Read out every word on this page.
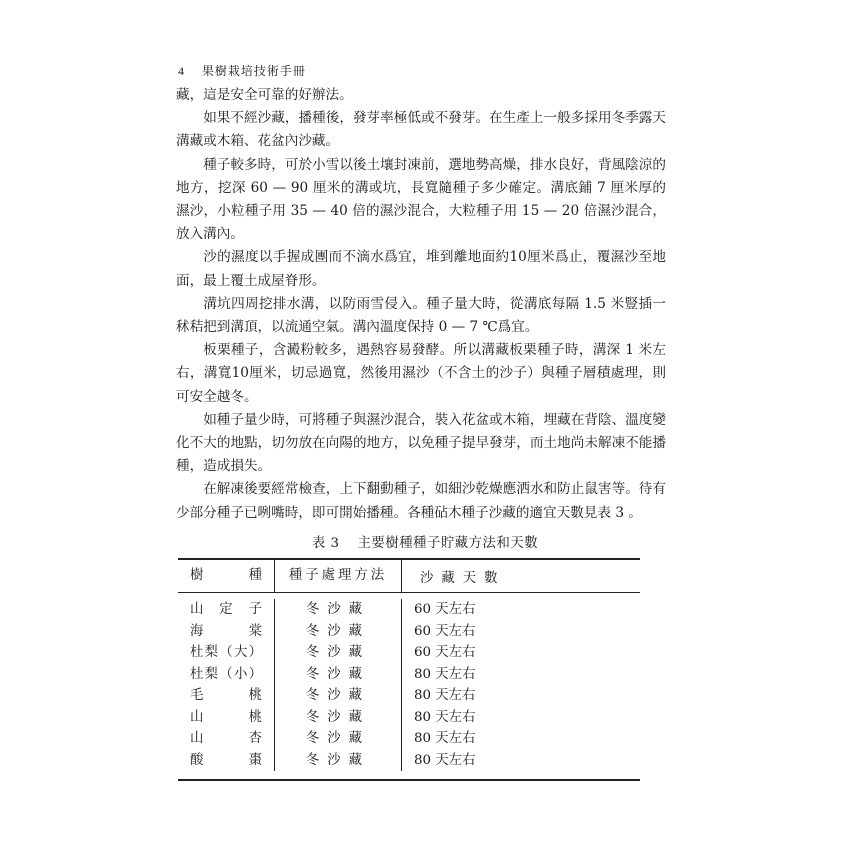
4 果樹栽培技術手冊

藏，這是安全可靠的好辦法。

如果不經沙藏，播種後，發芽率極低或不發芽。在生產上一般多採用冬季露天溝藏或木箱、花盆內沙藏。

種子較多時，可於小雪以後土壤封凍前，選地勢高燥，排水良好，背風陰涼的地方，挖深 60 — 90 厘米的溝或坑，長寬隨種子多少確定。溝底鋪 7 厘米厚的濕沙，小粒種子用 35 — 40 倍的濕沙混合，大粒種子用 15 — 20 倍濕沙混合，放入溝內。

沙的濕度以手握成團而不滴水爲宜，堆到離地面約10厘米爲止，覆濕沙至地面，最上覆土成屋脊形。

溝坑四周挖排水溝，以防雨雪侵入。種子量大時，從溝底每隔 1.5 米豎插一秫秸把到溝頂，以流通空氣。溝內溫度保持 0 — 7 ℃爲宜。

板栗種子，含澱粉較多，遇熱容易發酵。所以溝藏板栗種子時，溝深 1 米左右，溝寬10厘米，切忌過寬，然後用濕沙（不含土的沙子）與種子層積處理，則可安全越冬。

如種子量少時，可將種子與濕沙混合，裝入花盆或木箱，埋藏在背陰、溫度變化不大的地點，切勿放在向陽的地方，以免種子提早發芽，而土地尚未解凍不能播種，造成損失。

在解凍後要經常檢查，上下翻動種子，如細沙乾燥應洒水和防止鼠害等。待有少部分種子已咧嘴時，即可開始播種。各種砧木種子沙藏的適宜天數見表 3 。

表 3 主要樹種種子貯藏方法和天數
樹種	種子處理方法	沙藏天數
山定子	冬沙藏	60 天左右
海棠	冬沙藏	60 天左右
杜梨（大）	冬沙藏	60 天左右
杜梨（小）	冬沙藏	80 天左右
毛桃	冬沙藏	80 天左右
山桃	冬沙藏	80 天左右
山杏	冬沙藏	80 天左右
酸棗	冬沙藏	80 天左右
